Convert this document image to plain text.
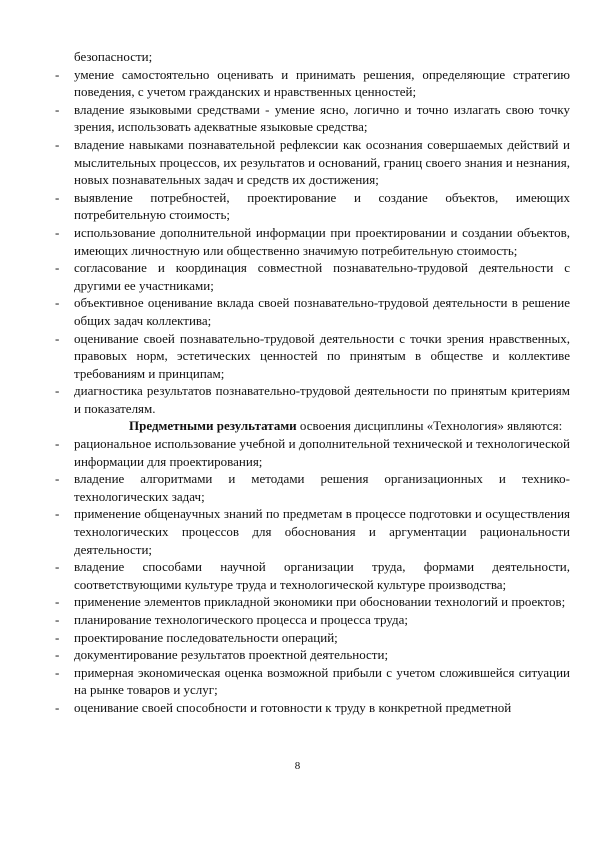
безопасности;
- умение самостоятельно оценивать и принимать решения, определяющие стратегию поведения, с учетом гражданских и нравственных ценностей;
- владение языковыми средствами - умение ясно, логично и точно излагать свою точку зрения, использовать адекватные языковые средства;
- владение навыками познавательной рефлексии как осознания совершаемых действий и мыслительных процессов, их результатов и оснований, границ своего знания и незнания, новых познавательных задач и средств их достижения;
- выявление потребностей, проектирование и создание объектов, имеющих потребительную стоимость;
- использование дополнительной информации при проектировании и создании объектов, имеющих личностную или общественно значимую потребительную стоимость;
- согласование и координация совместной познавательно-трудовой деятельности с другими ее участниками;
- объективное оценивание вклада своей познавательно-трудовой деятельности в решение общих задач коллектива;
- оценивание своей познавательно-трудовой деятельности с точки зрения нравственных, правовых норм, эстетических ценностей по принятым в обществе и коллективе требованиям и принципам;
- диагностика результатов познавательно-трудовой деятельности по принятым критериям и показателям.
Предметными результатами освоения дисциплины «Технология» являются:
- рациональное использование учебной и дополнительной технической и технологической информации для проектирования;
- владение алгоритмами и методами решения организационных и технико-технологических задач;
- применение общенаучных знаний по предметам в процессе подготовки и осуществления технологических процессов для обоснования и аргументации рациональности деятельности;
- владение способами научной организации труда, формами деятельности, соответствующими культуре труда и технологической культуре производства;
- применение элементов прикладной экономики при обосновании технологий и проектов;
- планирование технологического процесса и процесса труда;
- проектирование последовательности операций;
- документирование результатов проектной деятельности;
- примерная экономическая оценка возможной прибыли с учетом сложившейся ситуации на рынке товаров и услуг;
- оценивание своей способности и готовности к труду в конкретной предметной
8
